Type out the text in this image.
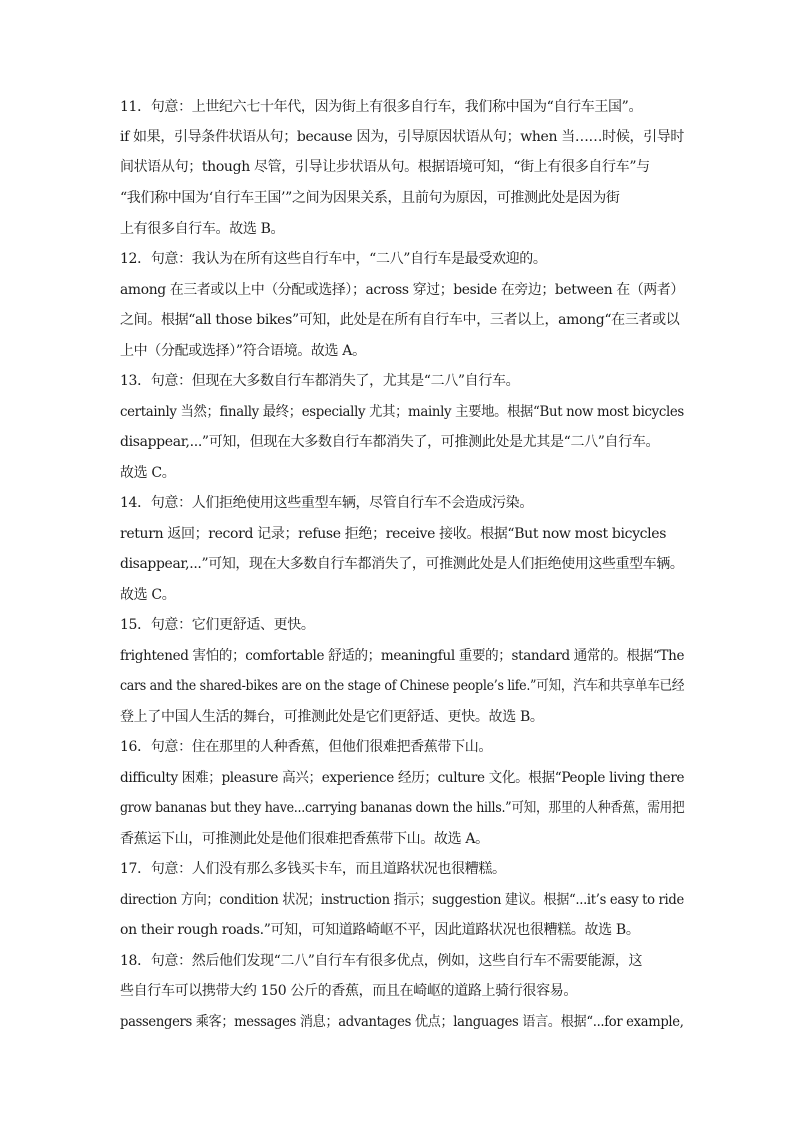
11．句意：上世纪六七十年代，因为街上有很多自行车，我们称中国为“自行车王国”。
if 如果，引导条件状语从句；because 因为，引导原因状语从句；when 当……时候，引导时
间状语从句；though 尽管，引导让步状语从句。根据语境可知，“街上有很多自行车”与
“我们称中国为‘自行车王国’”之间为因果关系，且前句为原因，可推测此处是因为街
上有很多自行车。故选 B。
12．句意：我认为在所有这些自行车中，“二八”自行车是最受欢迎的。
among 在三者或以上中（分配或选择）；across 穿过；beside 在旁边；between 在（两者）
之间。根据“all those bikes”可知，此处是在所有自行车中，三者以上，among“在三者或以
上中（分配或选择）”符合语境。故选 A。
13．句意：但现在大多数自行车都消失了，尤其是“二八”自行车。
certainly 当然；finally 最终；especially 尤其；mainly 主要地。根据“But now most bicycles
disappear,...”可知，但现在大多数自行车都消失了，可推测此处是尤其是“二八”自行车。
故选 C。
14．句意：人们拒绝使用这些重型车辆，尽管自行车不会造成污染。
return 返回；record 记录；refuse 拒绝；receive 接收。根据“But now most bicycles
disappear,...”可知，现在大多数自行车都消失了，可推测此处是人们拒绝使用这些重型车辆。
故选 C。
15．句意：它们更舒适、更快。
frightened 害怕的；comfortable 舒适的；meaningful 重要的；standard 通常的。根据“The
cars and the shared-bikes are on the stage of Chinese people’s life.”可知，汽车和共享单车已经
登上了中国人生活的舞台，可推测此处是它们更舒适、更快。故选 B。
16．句意：住在那里的人种香蕉，但他们很难把香蕉带下山。
difficulty 困难；pleasure 高兴；experience 经历；culture 文化。根据“People living there
grow bananas but they have...carrying bananas down the hills.”可知，那里的人种香蕉，需用把
香蕉运下山，可推测此处是他们很难把香蕉带下山。故选 A。
17．句意：人们没有那么多钱买卡车，而且道路状况也很糟糕。
direction 方向；condition 状况；instruction 指示；suggestion 建议。根据“...it’s easy to ride
on their rough roads.”可知，可知道路崎岖不平，因此道路状况也很糟糕。故选 B。
18．句意：然后他们发现“二八”自行车有很多优点，例如，这些自行车不需要能源，这
些自行车可以携带大约 150 公斤的香蕉，而且在崎岖的道路上骑行很容易。
passengers 乘客；messages 消息；advantages 优点；languages 语言。根据“...for example,
